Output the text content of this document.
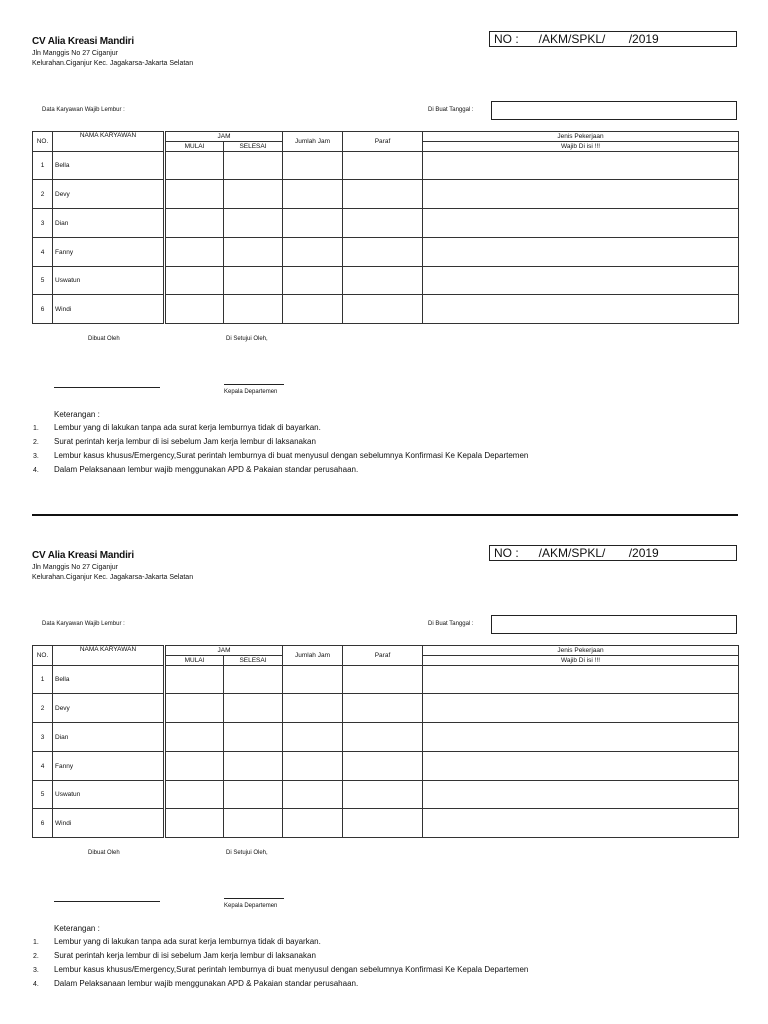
CV Alia Kreasi Mandiri
Jln Manggis No 27 Ciganjur
Kelurahan.Ciganjur Kec. Jagakarsa-Jakarta Selatan
NO :      /AKM/SPKL/       /2019
Data Karyawan Wajib Lembur :	Di Buat Tanggal :
NO.	NAMA KARYAWAN	JAM		Jumlah Jam	Paraf	Jenis Pekerjaan
		MULAI	SELESAI			Wajib Di isi !!!
1	Bella					
2	Devy					
3	Dian					
4	Fanny					
5	Uswatun					
6	Windi					
Dibuat Oleh	Di Setujui Oleh,
Kepala Departemen
Keterangan :
1. Lembur yang di lakukan tanpa ada surat kerja lemburnya tidak di bayarkan.
2. Surat perintah kerja lembur di isi sebelum Jam kerja lembur di laksanakan
3. Lembur kasus khusus/Emergency,Surat perintah lemburnya di buat menyusul dengan sebelumnya Konfirmasi Ke Kepala Departemen
4. Dalam Pelaksanaan lembur wajib menggunakan APD & Pakaian standar perusahaan.
CV Alia Kreasi Mandiri
Jln Manggis No 27 Ciganjur
Kelurahan.Ciganjur Kec. Jagakarsa-Jakarta Selatan
NO :      /AKM/SPKL/       /2019
Data Karyawan Wajib Lembur :	Di Buat Tanggal :
NO.	NAMA KARYAWAN	JAM		Jumlah Jam	Paraf	Jenis Pekerjaan
		MULAI	SELESAI			Wajib Di isi !!!
1	Bella					
2	Devy					
3	Dian					
4	Fanny					
5	Uswatun					
6	Windi					
Dibuat Oleh	Di Setujui Oleh,
Kepala Departemen
Keterangan :
1. Lembur yang di lakukan tanpa ada surat kerja lemburnya tidak di bayarkan.
2. Surat perintah kerja lembur di isi sebelum Jam kerja lembur di laksanakan
3. Lembur kasus khusus/Emergency,Surat perintah lemburnya di buat menyusul dengan sebelumnya Konfirmasi Ke Kepala Departemen
4. Dalam Pelaksanaan lembur wajib menggunakan APD & Pakaian standar perusahaan.
